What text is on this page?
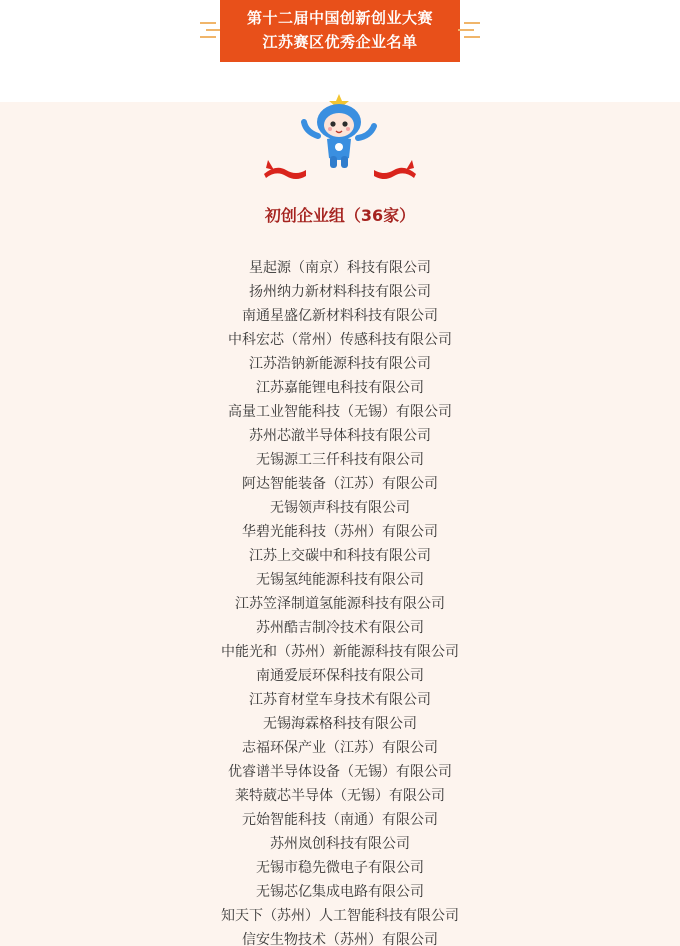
第十二届中国创新创业大赛
江苏赛区优秀企业名单
初创企业组（36家）
星起源（南京）科技有限公司
扬州纳力新材料科技有限公司
南通星盛亿新材料科技有限公司
中科宏芯（常州）传感科技有限公司
江苏浩钠新能源科技有限公司
江苏嘉能锂电科技有限公司
高量工业智能科技（无锡）有限公司
苏州芯澈半导体科技有限公司
无锡源工三仟科技有限公司
阿达智能装备（江苏）有限公司
无锡领声科技有限公司
华碧光能科技（苏州）有限公司
江苏上交碳中和科技有限公司
无锡氢纯能源科技有限公司
江苏笠泽制道氢能源科技有限公司
苏州酷吉制冷技术有限公司
中能光和（苏州）新能源科技有限公司
南通爱辰环保科技有限公司
江苏育材堂车身技术有限公司
无锡海霖格科技有限公司
志福环保产业（江苏）有限公司
优睿谱半导体设备（无锡）有限公司
莱特葳芯半导体（无锡）有限公司
元始智能科技（南通）有限公司
苏州岚创科技有限公司
无锡市稳先微电子有限公司
无锡芯亿集成电路有限公司
知天下（苏州）人工智能科技有限公司
信安生物技术（苏州）有限公司
